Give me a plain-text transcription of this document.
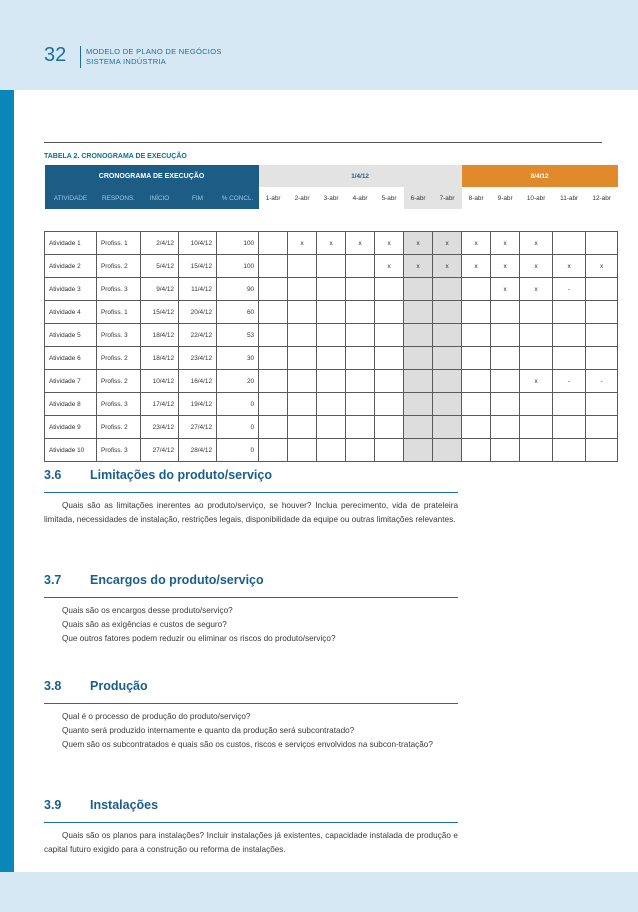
32	MODELO DE PLANO DE NEGÓCIOS
SISTEMA INDÚSTRIA
TABELA 2. CRONOGRAMA DE EXECUÇÃO
CRONOGRAMA DE EXECUÇÃO					1/4/12							8/4/12				
ATIVIDADE	RESPONS.	INÍCIO	FIM	% CONCL.	1-abr	2-abr	3-abr	4-abr	5-abr	6-abr	7-abr	8-abr	9-abr	10-abr	11-abr	12-abr

Atividade 1	Profiss. 1	2/4/12	10/4/12	100		x	x	x	x	x	x	x	x	x		
Atividade 2	Profiss. 2	5/4/12	15/4/12	100					x	x	x	x	x	x	x	x
Atividade 3	Profiss. 3	9/4/12	11/4/12	90									x	x	-	
Atividade 4	Profiss. 1	15/4/12	20/4/12	60												
Atividade 5	Profiss. 3	18/4/12	22/4/12	53												
Atividade 6	Profiss. 2	18/4/12	23/4/12	30												
Atividade 7	Profiss. 2	10/4/12	16/4/12	20										x	-	-
Atividade 8	Profiss. 3	17/4/12	19/4/12	0												
Atividade 9	Profiss. 2	23/4/12	27/4/12	0												
Atividade 10	Profiss. 3	27/4/12	28/4/12	0												
3.6 Limitações do produto/serviço
Quais são as limitações inerentes ao produto/serviço, se houver? Inclua perecimento, vida de prateleira limitada, necessidades de instalação, restrições legais, disponibilidade da equipe ou outras limitações relevantes.
3.7 Encargos do produto/serviço
Quais são os encargos desse produto/serviço?
Quais são as exigências e custos de seguro?
Que outros fatores podem reduzir ou eliminar os riscos do produto/serviço?
3.8 Produção
Qual é o processo de produção do produto/serviço?
Quanto será produzido internamente e quanto da produção será subcontratado?
Quem são os subcontratados e quais são os custos, riscos e serviços envolvidos na subcon-tratação?
3.9 Instalações
Quais são os planos para instalações? Incluir instalações já existentes, capacidade instalada de produção e capital futuro exigido para a construção ou reforma de instalações.
